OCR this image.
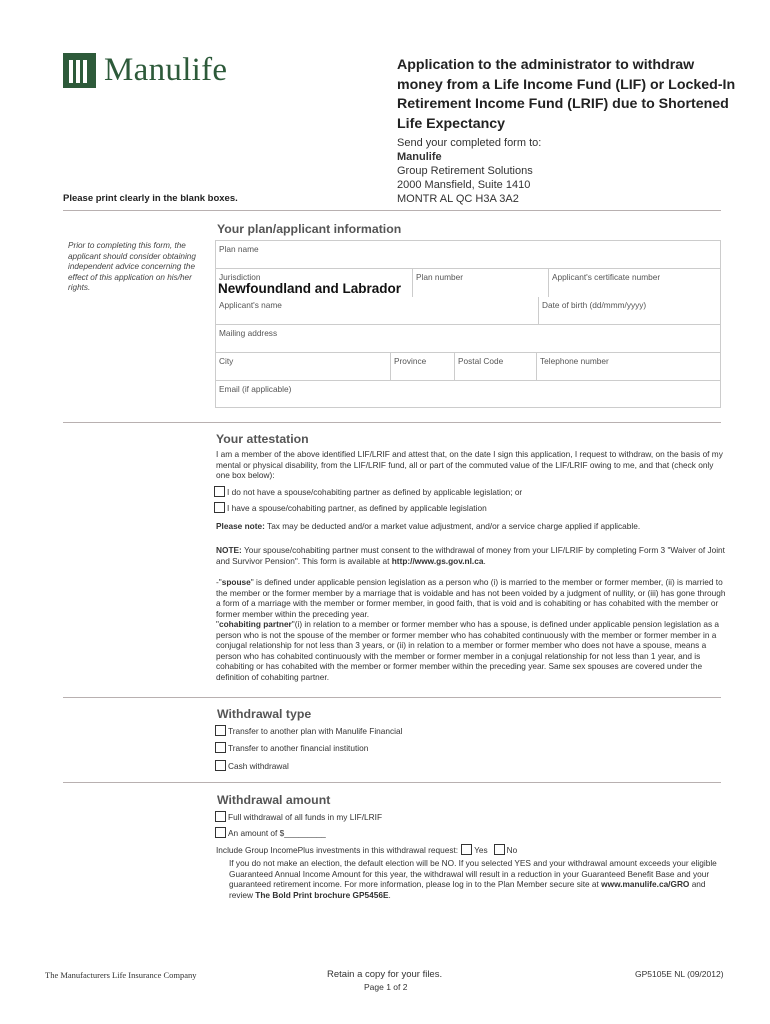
Manulife	Application to the administrator to withdraw money from a Life Income Fund (LIF) or Locked-In Retirement Income Fund (LRIF) due to Shortened Life Expectancy
Send your completed form to:
Manulife
Group Retirement Solutions
2000 Mansfield, Suite 1410
MONTR AL QC H3A 3A2
Please print clearly in the blank boxes.
Your plan/applicant information
Prior to completing this form, the applicant should consider obtaining independent advice concerning the effect of this application on his/her rights.
Plan name
Jurisdiction
Newfoundland and Labrador
Plan number	Applicant's certificate number
Applicant's name	Date of birth (dd/mmm/yyyy)
Mailing address
City	Province	Postal Code	Telephone number
Email (if applicable)
Your attestation
I am a member of the above identified LIF/LRIF and attest that, on the date I sign this application, I request to withdraw, on the basis of my mental or physical disability, from the LIF/LRIF fund, all or part of the commuted value of the LIF/LRIF owing to me, and that (check only one box below):
I do not have a spouse/cohabiting partner as defined by applicable legislation; or
I have a spouse/cohabiting partner, as defined by applicable legislation
Please note: Tax may be deducted and/or a market value adjustment, and/or a service charge applied if applicable.
NOTE: Your spouse/cohabiting partner must consent to the withdrawal of money from your LIF/LRIF by completing Form 3 "Waiver of Joint and Survivor Pension". This form is available at http://www.gs.gov.nl.ca.
-"spouse" is defined under applicable pension legislation as a person who (i) is married to the member or former member, (ii) is married to the member or the former member by a marriage that is voidable and has not been voided by a judgment of nullity, or (iii) has gone through a form of a marriage with the member or former member, in good faith, that is void and is cohabiting or has cohabited with the member or former member within the preceding year.
"cohabiting partner"(i) in relation to a member or former member who has a spouse, is defined under applicable pension legislation as a person who is not the spouse of the member or former member who has cohabited continuously with the member or former member in a conjugal relationship for not less than 3 years, or (ii) in relation to a member or former member who does not have a spouse, means a person who has cohabited continuously with the member or former member in a conjugal relationship for not less than 1 year, and is cohabiting or has cohabited with the member or former member within the preceding year. Same sex spouses are covered under the definition of cohabiting partner.
Withdrawal type
Transfer to another plan with Manulife Financial
Transfer to another financial institution
Cash withdrawal
Withdrawal amount
Full withdrawal of all funds in my LIF/LRIF
An amount of $_________
Include Group IncomePlus investments in this withdrawal request: Yes No
If you do not make an election, the default election will be NO. If you selected YES and your withdrawal amount exceeds your eligible Guaranteed Annual Income Amount for this year, the withdrawal will result in a reduction in your Guaranteed Benefit Base and your guaranteed retirement income. For more information, please log in to the Plan Member secure site at www.manulife.ca/GRO and review The Bold Print brochure GP5456E.
The Manufacturers Life Insurance Company	Retain a copy for your files.
Page 1 of 2
GP5105E NL (09/2012)
